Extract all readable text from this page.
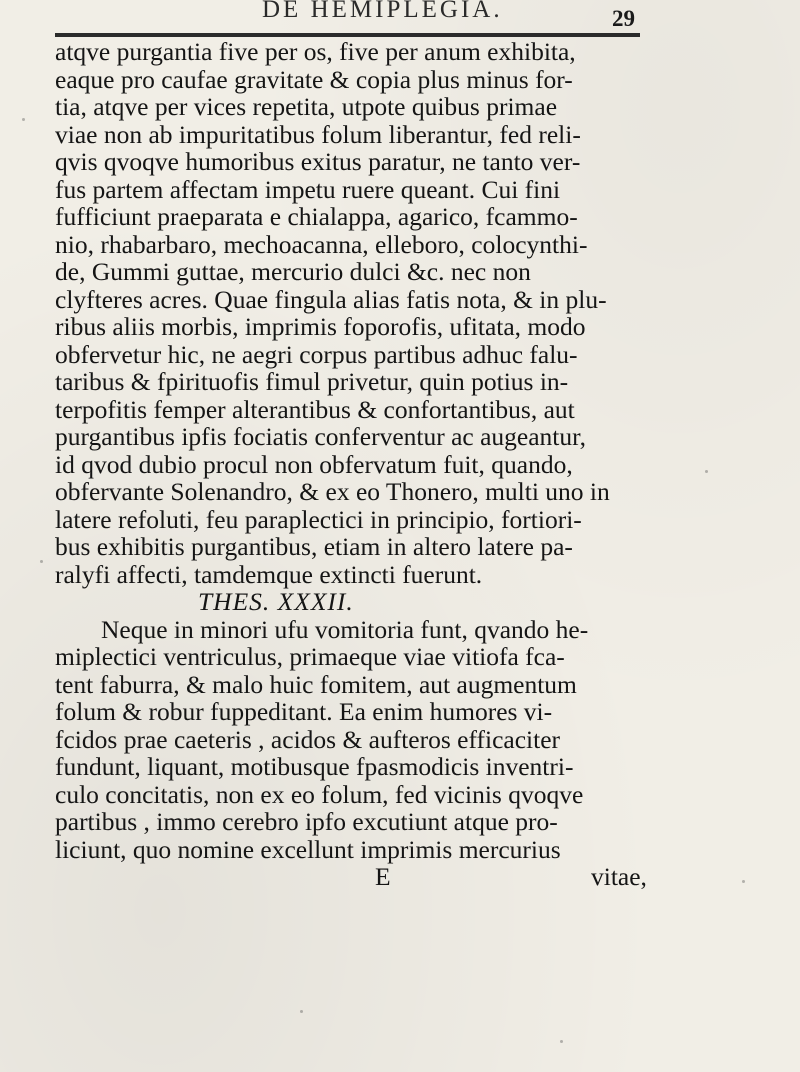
DE HEMIPLEGIA.	29
atqve purgantia five per os, five per anum exhibita,
eaque pro caufae gravitate & copia plus minus for-
tia, atqve per vices repetita, utpote quibus primae
viae non ab impuritatibus folum liberantur, fed reli-
qvis qvoqve humoribus exitus paratur, ne tanto ver-
fus partem affectam impetu ruere queant. Cui fini
fufficiunt praeparata e chialappa, agarico, fcammo-
nio, rhabarbaro, mechoacanna, elleboro, colocynthi-
de, Gummi guttae, mercurio dulci &c. nec non
clyfteres acres. Quae fingula alias fatis nota, & in plu-
ribus aliis morbis, imprimis foporofis, ufitata, modo
obfervetur hic, ne aegri corpus partibus adhuc falu-
taribus & fpirituofis fimul privetur, quin potius in-
terpofitis femper alterantibus & confortantibus, aut
purgantibus ipfis fociatis conferventur ac augeantur,
id qvod dubio procul non obfervatum fuit, quando,
obfervante Solenandro, & ex eo Thonero, multi uno in
latere refoluti, feu paraplectici in principio, fortiori-
bus exhibitis purgantibus, etiam in altero latere pa-
ralyfi affecti, tamdemque extincti fuerunt.
THES. XXXII.
Neque in minori ufu vomitoria funt, qvando he-
miplectici ventriculus, primaeque viae vitiofa fca-
tent faburra, & malo huic fomitem, aut augmentum
folum & robur fuppeditant. Ea enim humores vi-
fcidos prae caeteris , acidos & aufteros efficaciter
fundunt, liquant, motibusque fpasmodicis inventri-
culo concitatis, non ex eo folum, fed vicinis qvoqve
partibus , immo cerebro ipfo excutiunt atque pro-
liciunt, quo nomine excellunt imprimis mercurius
E	vitae,
